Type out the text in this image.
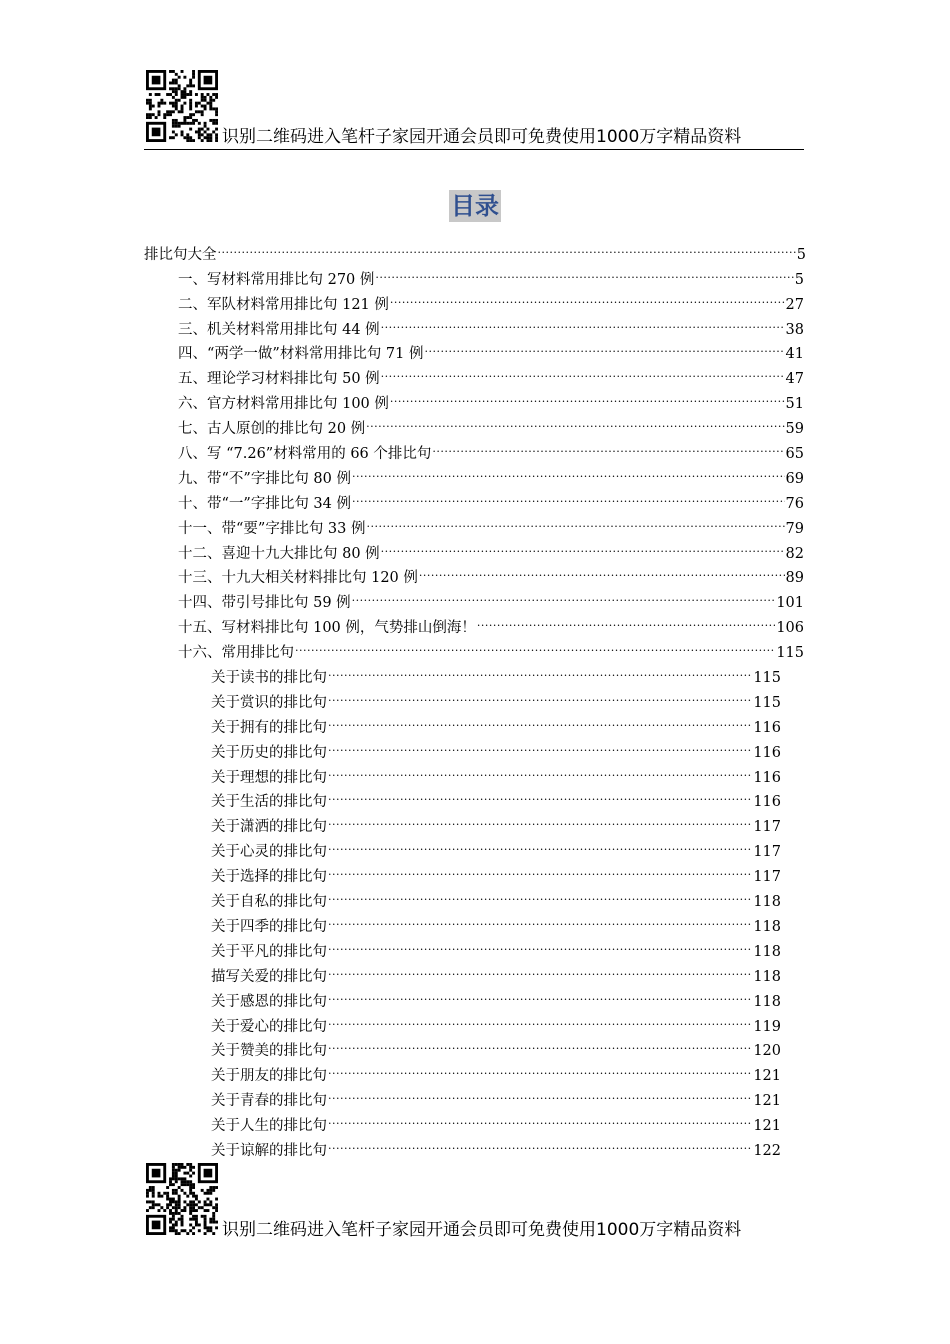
识别二维码进入笔杆子家园开通会员即可免费使用1000万字精品资料
目录
排比句大全 .....	5
一、写材料常用排比句 270 例 .....	5
二、军队材料常用排比句 121 例 .....	27
三、机关材料常用排比句 44 例 .....	38
四、“两学一做”材料常用排比句 71 例 .....	41
五、理论学习材料排比句 50 例 .....	47
六、官方材料常用排比句 100 例 .....	51
七、古人原创的排比句 20 例 .....	59
八、写 “7.26”材料常用的 66 个排比句 .....	65
九、带“不”字排比句 80 例 .....	69
十、带“一”字排比句 34 例 .....	76
十一、带“要”字排比句 33 例 .....	79
十二、喜迎十九大排比句 80 例 .....	82
十三、十九大相关材料排比句 120 例 .....	89
十四、带引号排比句 59 例 .....	101
十五、写材料排比句 100 例，气势排山倒海！ .....	106
十六、常用排比句 .....	115
关于读书的排比句 .....	115
关于赏识的排比句 .....	115
关于拥有的排比句 .....	116
关于历史的排比句 .....	116
关于理想的排比句 .....	116
关于生活的排比句 .....	116
关于潇洒的排比句 .....	117
关于心灵的排比句 .....	117
关于选择的排比句 .....	117
关于自私的排比句 .....	118
关于四季的排比句 .....	118
关于平凡的排比句 .....	118
描写关爱的排比句 .....	118
关于感恩的排比句 .....	118
关于爱心的排比句 .....	119
关于赞美的排比句 .....	120
关于朋友的排比句 .....	121
关于青春的排比句 .....	121
关于人生的排比句 .....	121
关于谅解的排比句 .....	122
识别二维码进入笔杆子家园开通会员即可免费使用1000万字精品资料
